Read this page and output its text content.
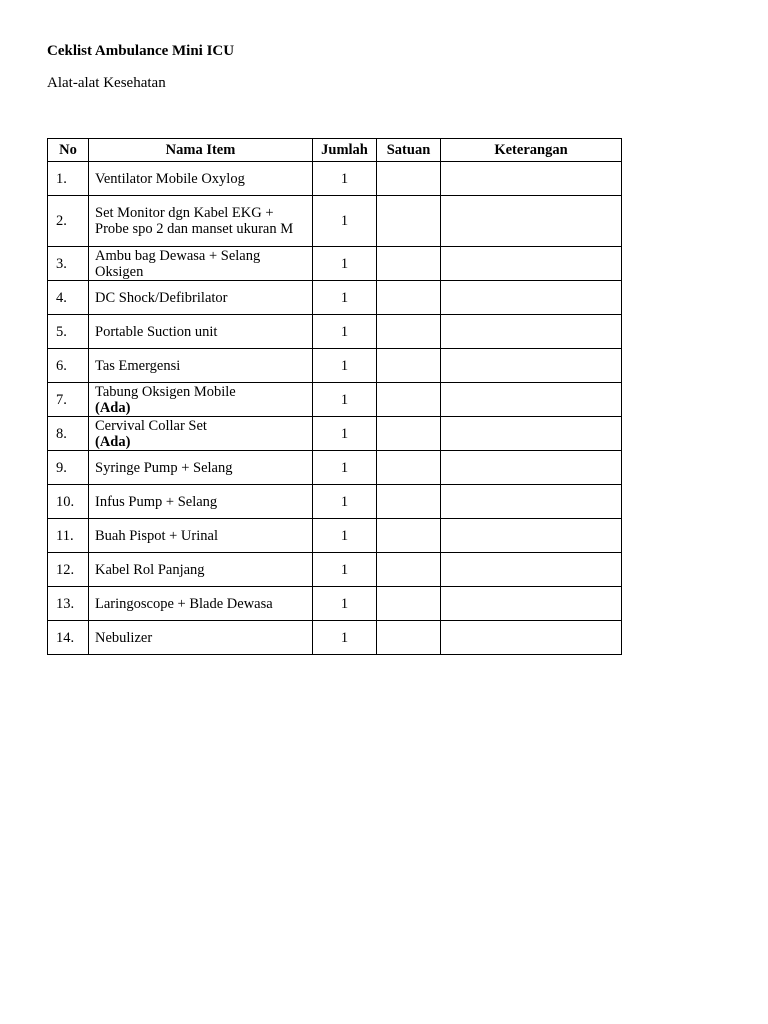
Ceklist Ambulance Mini ICU
Alat-alat Kesehatan
No	Nama Item	Jumlah	Satuan	Keterangan
1.	Ventilator Mobile Oxylog	1		
2.	Set Monitor dgn Kabel EKG + Probe spo 2 dan manset ukuran M	1		
3.	Ambu bag Dewasa + Selang Oksigen	1		
4.	DC Shock/Defibrilator	1		
5.	Portable Suction unit	1		
6.	Tas Emergensi	1		
7.	Tabung Oksigen Mobile
(Ada)	1		
8.	Cervival Collar Set
(Ada)	1		
9.	Syringe Pump + Selang	1		
10.	Infus Pump + Selang	1		
11.	Buah Pispot + Urinal	1		
12.	Kabel Rol Panjang	1		
13.	Laringoscope + Blade Dewasa	1		
14.	Nebulizer	1		
